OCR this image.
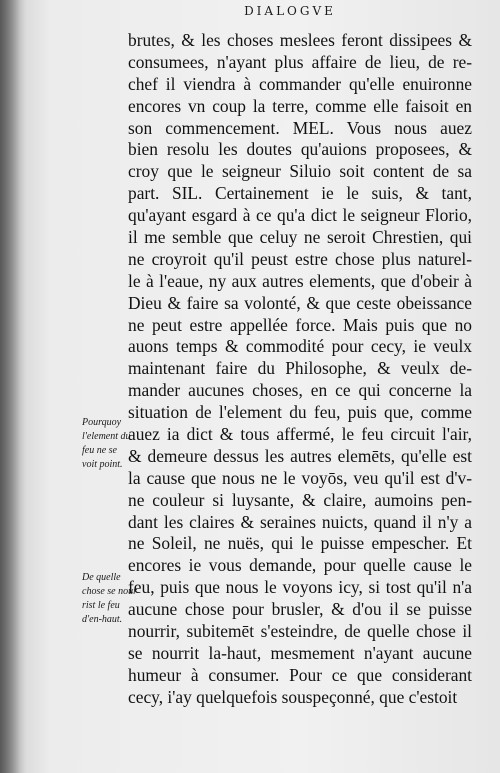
DIALOGVE
brutes, & les choses meslees feront dissipees &
consumees, n'ayant plus affaire de lieu, de re-
chef il viendra à commander qu'elle enuironne
encores vn coup la terre, comme elle faisoit en
son commencement. MEL. Vous nous auez
bien resolu les doutes qu'auions proposees, &
croy que le seigneur Siluio soit content de sa
part. SIL. Certainement ie le suis, & tant,
qu'ayant esgard à ce qu'a dict le seigneur Florio,
il me semble que celuy ne seroit Chrestien, qui
ne croyroit qu'il peust estre chose plus naturel-
le à l'eaue, ny aux autres elements, que d'obeir à
Dieu & faire sa volonté, & que ceste obeissance
ne peut estre appellée force. Mais puis que no
auons temps & commodité pour cecy, ie veulx
maintenant faire du Philosophe, & veulx de-
mander aucunes choses, en ce qui concerne la
situation de l'element du feu, puis que, comme
auez ia dict & tous affermé, le feu circuit l'air,
& demeure dessus les autres elemēts, qu'elle est
la cause que nous ne le voyōs, veu qu'il est d'v-
ne couleur si luysante, & claire, aumoins pen-
dant les claires & seraines nuicts, quand il n'y a
ne Soleil, ne nuës, qui le puisse empescher. Et
encores ie vous demande, pour quelle cause le
feu, puis que nous le voyons icy, si tost qu'il n'a
aucune chose pour brusler, & d'ou il se puisse
nourrir, subitemēt s'esteindre, de quelle chose il
se nourrit la-haut, mesmement n'ayant aucune
humeur à consumer. Pour ce que considerant
cecy, i'ay quelquefois souspeçonné, que c'estoit
Pourquoy
l'element du
feu ne se
voit point.
De quelle
chose se nour
rist le feu
d'en-haut.
